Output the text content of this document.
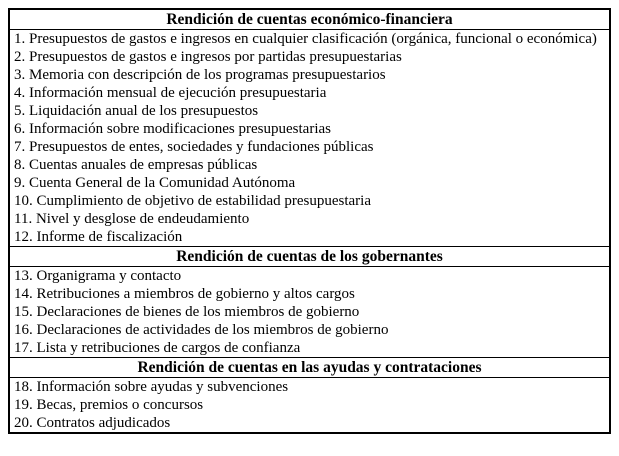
Rendición de cuentas económico-financiera
1. Presupuestos de gastos e ingresos en cualquier clasificación (orgánica, funcional o económica)
2. Presupuestos de gastos e ingresos por partidas presupuestarias
3. Memoria con descripción de los programas presupuestarios
4. Información mensual de ejecución presupuestaria
5. Liquidación anual de los presupuestos
6. Información sobre modificaciones presupuestarias
7. Presupuestos de entes, sociedades y fundaciones públicas
8. Cuentas anuales de empresas públicas
9. Cuenta General de la Comunidad Autónoma
10. Cumplimiento de objetivo de estabilidad presupuestaria
11. Nivel y desglose de endeudamiento
12. Informe de fiscalización
Rendición de cuentas de los gobernantes
13. Organigrama y contacto
14. Retribuciones a miembros de gobierno y altos cargos
15. Declaraciones de bienes de los miembros de gobierno
16. Declaraciones de actividades de los miembros de gobierno
17. Lista y retribuciones de cargos de confianza
Rendición de cuentas en las ayudas y contrataciones
18. Información sobre ayudas y subvenciones
19. Becas, premios o concursos
20. Contratos adjudicados
